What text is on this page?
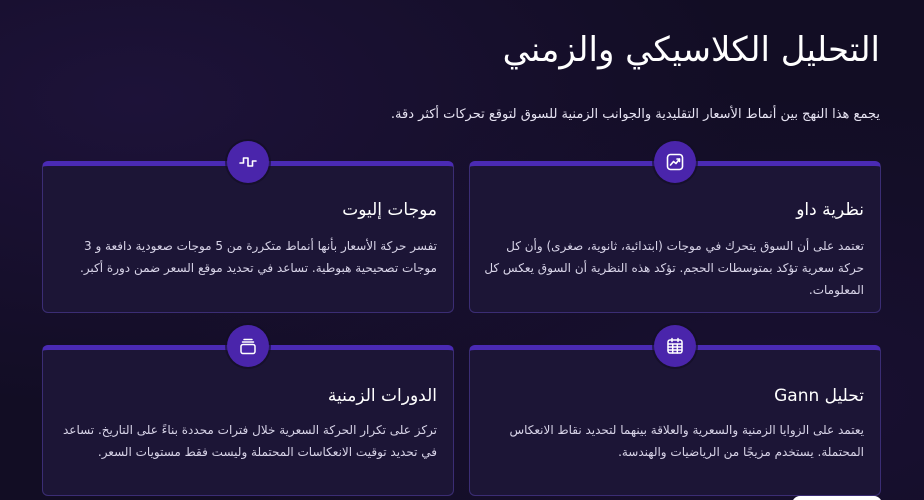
التحليل الكلاسيكي والزمني

يجمع هذا النهج بين أنماط الأسعار التقليدية والجوانب الزمنية للسوق لتوقع تحركات أكثر دقة.

نظرية داو

تعتمد على أن السوق يتحرك في موجات (ابتدائية، ثانوية، صغرى) وأن كل حركة سعرية تؤكد بمتوسطات الحجم. تؤكد هذه النظرية أن السوق يعكس كل المعلومات.

موجات إليوت

تفسر حركة الأسعار بأنها أنماط متكررة من 5 موجات صعودية دافعة و 3 موجات تصحيحية هبوطية. تساعد في تحديد موقع السعر ضمن دورة أكبر.

تحليل Gann

يعتمد على الزوايا الزمنية والسعرية والعلاقة بينهما لتحديد نقاط الانعكاس المحتملة. يستخدم مزيجًا من الرياضيات والهندسة.

الدورات الزمنية

تركز على تكرار الحركة السعرية خلال فترات محددة بناءً على التاريخ. تساعد في تحديد توقيت الانعكاسات المحتملة وليست فقط مستويات السعر.
